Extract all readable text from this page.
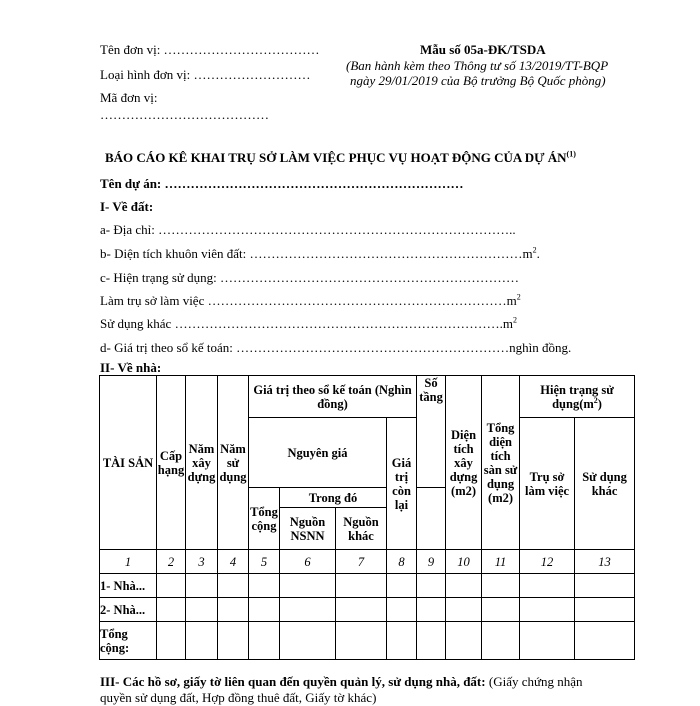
Tên đơn vị: ………………………………
Loại hình đơn vị: ………………………
Mã đơn vị:
…………………………………
Mẫu số 05a-ĐK/TSDA
(Ban hành kèm theo Thông tư số 13/2019/TT-BQP
ngày 29/01/2019 của Bộ trưởng Bộ Quốc phòng)
BÁO CÁO KÊ KHAI TRỤ SỞ LÀM VIỆC PHỤC VỤ HOẠT ĐỘNG CỦA DỰ ÁN$^{(1)}$
Tên dự án: ……………………………………………………………
I- Về đất:
a- Địa chỉ: ………………………………………………………………………..
b- Diện tích khuôn viên đất: $\dots\dots\dots\dots\dots\dots\dots\dots\dots\dots\dots\dots\dots\dots\dots\dots\dots\dots\dots\dots\dots m^2$.
c- Hiện trạng sử dụng: ……………………………………………………………
Làm trụ sở làm việc $\dots\dots\dots\dots\dots\dots\dots\dots\dots\dots\dots\dots\dots\dots\dots\dots\dots\dots\dots\dots\dots\dots\dots m^2$
Sử dụng khác $\dots\dots\dots\dots\dots\dots\dots\dots\dots\dots\dots\dots\dots\dots\dots\dots\dots\dots\dots\dots\dots\dots\dots\dots\dots.m^2$
d- Giá trị theo sổ kế toán: ………………………………………………………nghìn đồng.
II- Về nhà:
TÀI SẢN	Cấp hạng	Năm xây dựng	Năm sử dụng	Giá trị theo sổ kế toán (Nghìn đồng)				Số tầng	Diện tích xây dựng (m2)	Tổng diện tích sàn sử dụng (m2)	Hiện trạng sử $dụng(m^2)$	
				Nguyên giá			Giá trị còn lại				Trụ sở làm việc	Sử dụng khác
				Tổng cộng	Trong đó							
					Nguồn NSNN	Nguồn khác						
1	2	3	4	5	6	7	8	9	10	11	12	13
1- Nhà...												
2- Nhà...												
Tổng cộng:												
III- Các hồ sơ, giấy tờ liên quan đến quyền quản lý, sử dụng nhà, đất: (Giấy chứng nhận
quyền sử dụng đất, Hợp đồng thuê đất, Giấy tờ khác)
